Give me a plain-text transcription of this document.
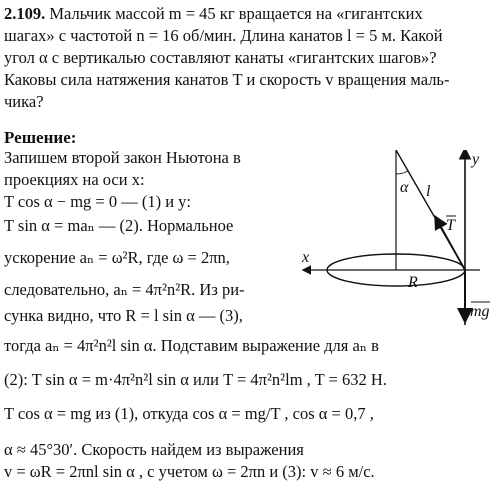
2.109. Мальчик массой m = 45 кг вращается на «гигантских
шагах» с частотой n = 16 об/мин. Длина канатов l = 5 м. Какой
угол α с вертикалью составляют канаты «гигантских шагов»?
Каковы сила натяжения канатов T и скорость v вращения маль-
чика?
Решение:
Запишем второй закон Ньютона в
проекциях на оси x:
T cos α − mg = 0 — (1) и y:
T sin α = maₙ — (2). Нормальное
ускорение aₙ = ω²R, где ω = 2πn,
следовательно, aₙ = 4π²n²R. Из ри-
сунка видно, что R = l sin α — (3),
тогда aₙ = 4π²n²l sin α. Подставим выражение для aₙ в
(2): T sin α = m·4π²n²l sin α или T = 4π²n²lm , T = 632 Н.
T cos α = mg из (1), откуда cos α = mg/T , cos α = 0,7 ,
α ≈ 45°30′. Скорость найдем из выражения
v = ωR = 2πnl sin α , с учетом ω = 2πn и (3): v ≈ 6 м/с.
y
α l
T
x
R
mg
